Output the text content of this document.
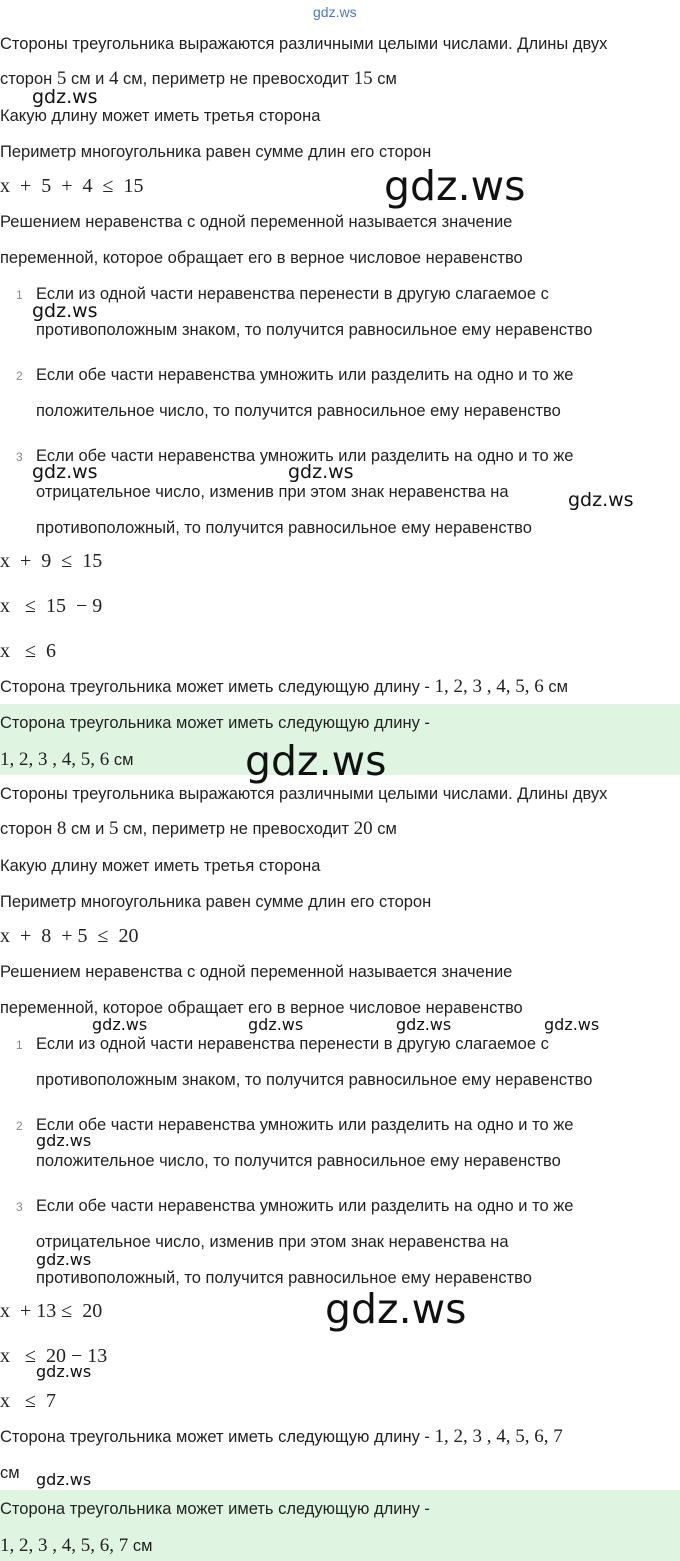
gdz.ws
Стороны треугольника выражаются различными целыми числами. Длины двух
сторон 5 см и 4 см, периметр не превосходит 15 см
Какую длину может иметь третья сторона
Периметр многоугольника равен сумме длин его сторон
x  +  5  +  4  ≤  15
Решением неравенства с одной переменной называется значение
переменной, которое обращает его в верное числовое неравенство
1 Если из одной части неравенства перенести в другую слагаемое с
противоположным знаком, то получится равносильное ему неравенство
2 Если обе части неравенства умножить или разделить на одно и то же
положительное число, то получится равносильное ему неравенство
3 Если обе части неравенства умножить или разделить на одно и то же
отрицательное число, изменив при этом знак неравенства на
противоположный, то получится равносильное ему неравенство
x  +  9  ≤  15
x   ≤  15  − 9
x   ≤  6
Сторона треугольника может иметь следующую длину - 1, 2, 3 , 4, 5, 6 см
Сторона треугольника может иметь следующую длину -
1, 2, 3 , 4, 5, 6 см
Стороны треугольника выражаются различными целыми числами. Длины двух
сторон 8 см и 5 см, периметр не превосходит 20 см
Какую длину может иметь третья сторона
Периметр многоугольника равен сумме длин его сторон
x  +  8  + 5  ≤  20
Решением неравенства с одной переменной называется значение
переменной, которое обращает его в верное числовое неравенство
1 Если из одной части неравенства перенести в другую слагаемое с
противоположным знаком, то получится равносильное ему неравенство
2 Если обе части неравенства умножить или разделить на одно и то же
положительное число, то получится равносильное ему неравенство
3 Если обе части неравенства умножить или разделить на одно и то же
отрицательное число, изменив при этом знак неравенства на
противоположный, то получится равносильное ему неравенство
x  + 13 ≤  20
x   ≤  20 − 13
x   ≤  7
Сторона треугольника может иметь следующую длину - 1, 2, 3 , 4, 5, 6, 7
см
Сторона треугольника может иметь следующую длину -
1, 2, 3 , 4, 5, 6, 7 см
gdz.ws
gdz.ws
gdz.ws
gdz.ws	gdz.ws
gdz.ws
gdz.ws
gdz.ws	gdz.ws	gdz.ws	gdz.ws
gdz.ws
gdz.ws
gdz.ws
gdz.ws
gdz.ws
